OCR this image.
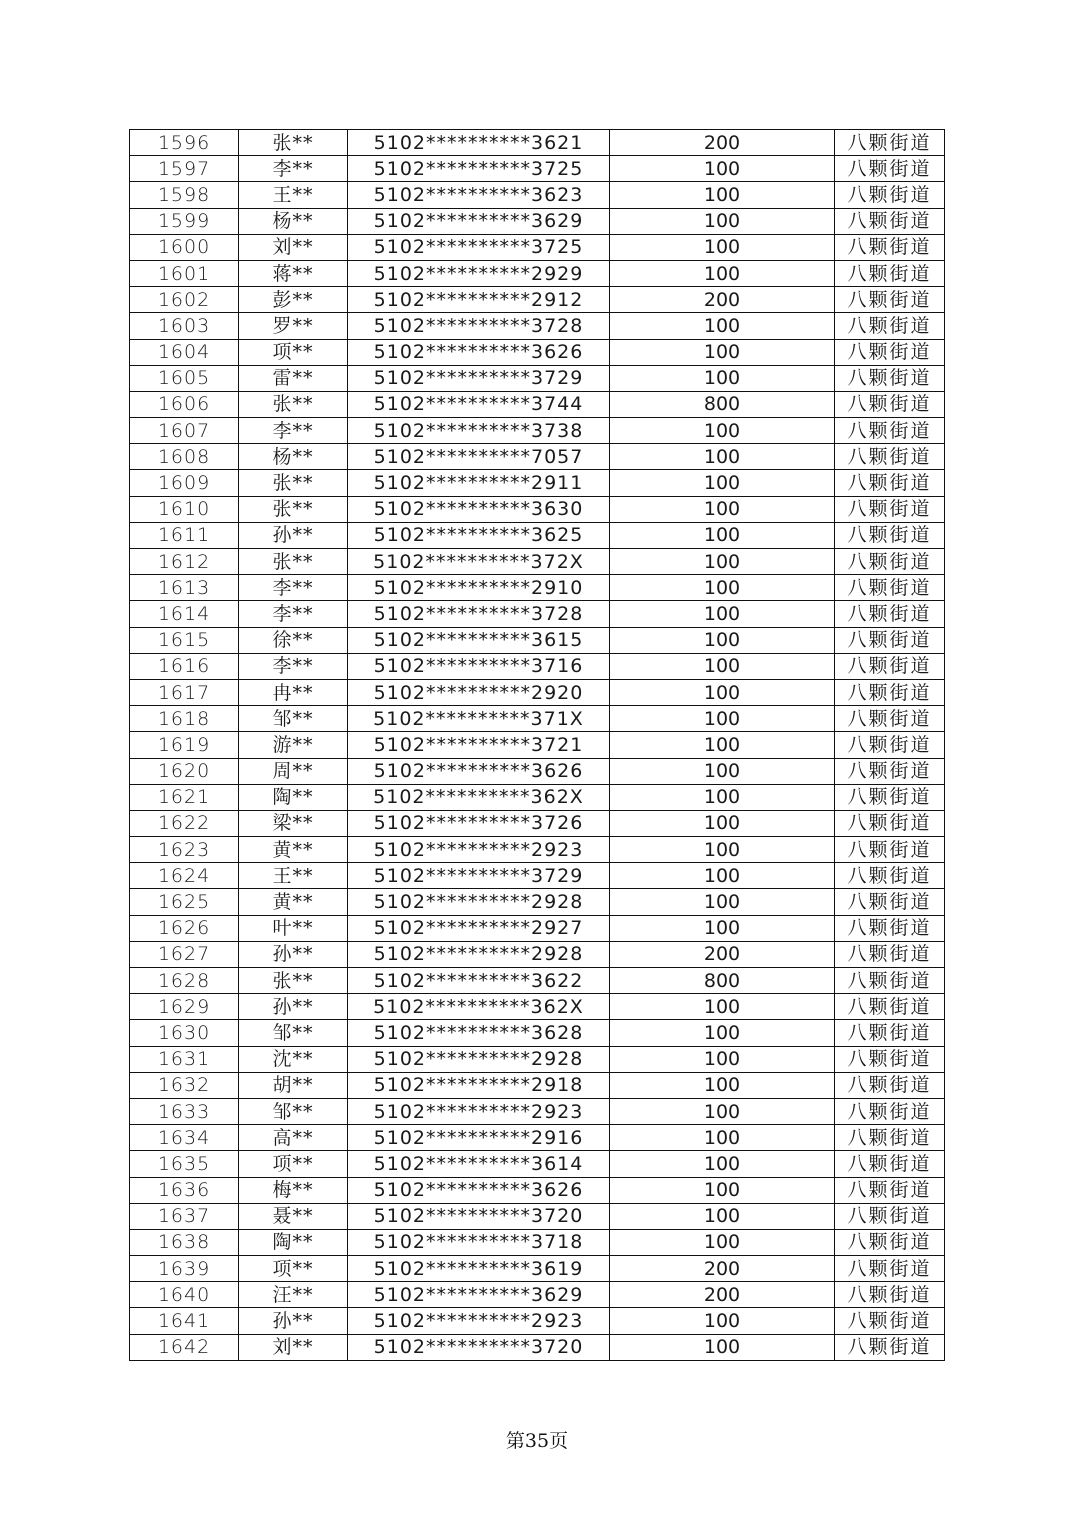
1596	张**	5102**********3621	200	八颗街道
1597	李**	5102**********3725	100	八颗街道
1598	王**	5102**********3623	100	八颗街道
1599	杨**	5102**********3629	100	八颗街道
1600	刘**	5102**********3725	100	八颗街道
1601	蒋**	5102**********2929	100	八颗街道
1602	彭**	5102**********2912	200	八颗街道
1603	罗**	5102**********3728	100	八颗街道
1604	项**	5102**********3626	100	八颗街道
1605	雷**	5102**********3729	100	八颗街道
1606	张**	5102**********3744	800	八颗街道
1607	李**	5102**********3738	100	八颗街道
1608	杨**	5102**********7057	100	八颗街道
1609	张**	5102**********2911	100	八颗街道
1610	张**	5102**********3630	100	八颗街道
1611	孙**	5102**********3625	100	八颗街道
1612	张**	5102**********372X	100	八颗街道
1613	李**	5102**********2910	100	八颗街道
1614	李**	5102**********3728	100	八颗街道
1615	徐**	5102**********3615	100	八颗街道
1616	李**	5102**********3716	100	八颗街道
1617	冉**	5102**********2920	100	八颗街道
1618	邹**	5102**********371X	100	八颗街道
1619	游**	5102**********3721	100	八颗街道
1620	周**	5102**********3626	100	八颗街道
1621	陶**	5102**********362X	100	八颗街道
1622	梁**	5102**********3726	100	八颗街道
1623	黄**	5102**********2923	100	八颗街道
1624	王**	5102**********3729	100	八颗街道
1625	黄**	5102**********2928	100	八颗街道
1626	叶**	5102**********2927	100	八颗街道
1627	孙**	5102**********2928	200	八颗街道
1628	张**	5102**********3622	800	八颗街道
1629	孙**	5102**********362X	100	八颗街道
1630	邹**	5102**********3628	100	八颗街道
1631	沈**	5102**********2928	100	八颗街道
1632	胡**	5102**********2918	100	八颗街道
1633	邹**	5102**********2923	100	八颗街道
1634	高**	5102**********2916	100	八颗街道
1635	项**	5102**********3614	100	八颗街道
1636	梅**	5102**********3626	100	八颗街道
1637	聂**	5102**********3720	100	八颗街道
1638	陶**	5102**********3718	100	八颗街道
1639	项**	5102**********3619	200	八颗街道
1640	汪**	5102**********3629	200	八颗街道
1641	孙**	5102**********2923	100	八颗街道
1642	刘**	5102**********3720	100	八颗街道
第35页
